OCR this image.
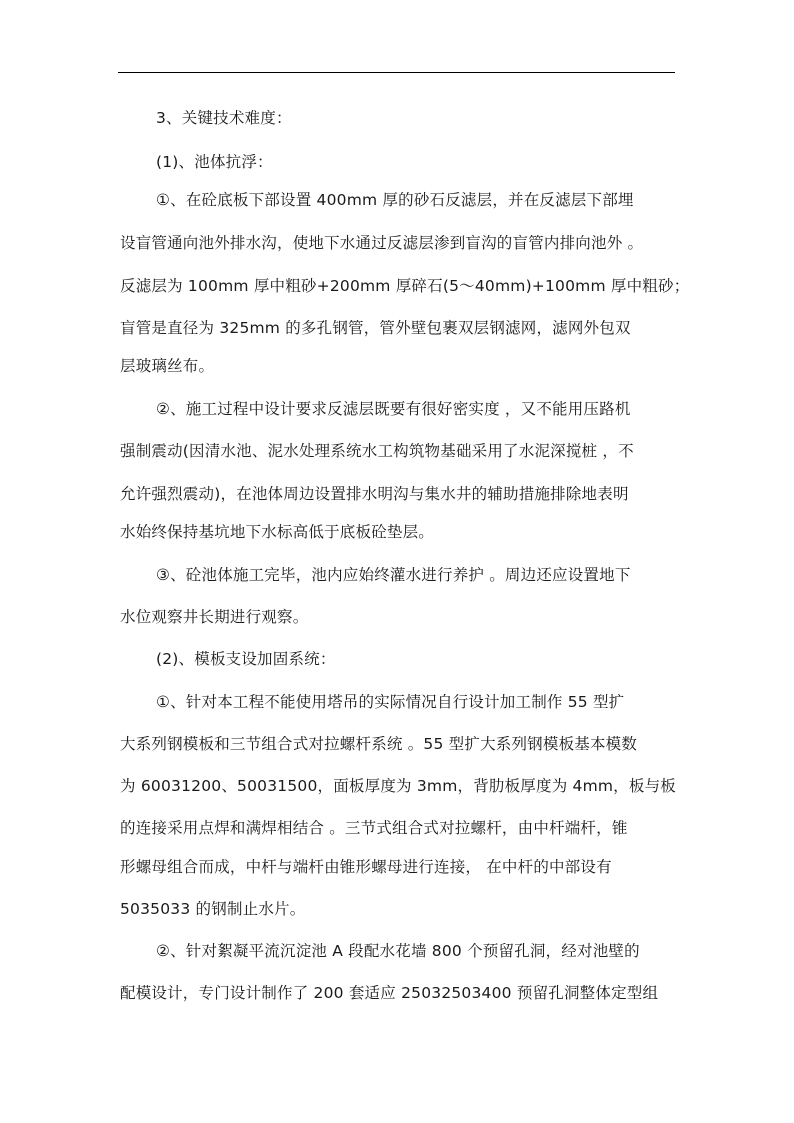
3、关键技术难度：
(1)、池体抗浮：
①、在砼底板下部设置 400mm 厚的砂石反滤层，并在反滤层下部埋
设盲管通向池外排水沟，使地下水通过反滤层渗到盲沟的盲管内排向池外 。
反滤层为 100mm 厚中粗砂+200mm 厚碎石(5～40mm)+100mm 厚中粗砂；
盲管是直径为 325mm 的多孔钢管，管外壁包裹双层钢滤网，滤网外包双
层玻璃丝布。
②、施工过程中设计要求反滤层既要有很好密实度 ，又不能用压路机
强制震动(因清水池、泥水处理系统水工构筑物基础采用了水泥深搅桩 ，不
允许强烈震动)，在池体周边设置排水明沟与集水井的辅助措施排除地表明
水始终保持基坑地下水标高低于底板砼垫层。
③、砼池体施工完毕，池内应始终灌水进行养护 。周边还应设置地下
水位观察井长期进行观察。
(2)、模板支设加固系统：
①、针对本工程不能使用塔吊的实际情况自行设计加工制作 55 型扩
大系列钢模板和三节组合式对拉螺杆系统 。55 型扩大系列钢模板基本模数
为 60031200、50031500，面板厚度为 3mm，背肋板厚度为 4mm，板与板
的连接采用点焊和满焊相结合 。三节式组合式对拉螺杆，由中杆端杆，锥
形螺母组合而成，中杆与端杆由锥形螺母进行连接， 在中杆的中部设有
5035033 的钢制止水片。
②、针对絮凝平流沉淀池 A 段配水花墙 800 个预留孔洞，经对池壁的
配模设计，专门设计制作了 200 套适应 25032503400 预留孔洞整体定型组
